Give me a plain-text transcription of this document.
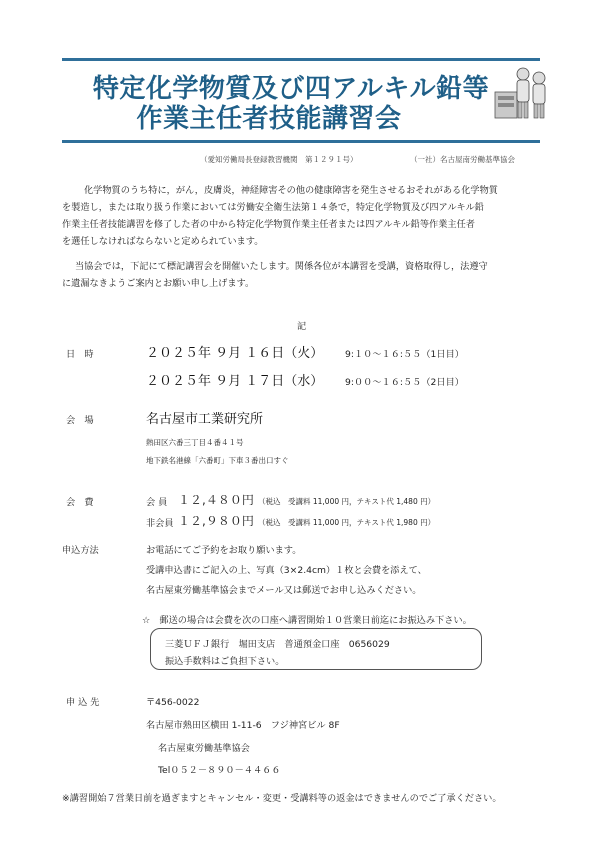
特定化学物質及び四アルキル鉛等
作業主任者技能講習会
（愛知労働局長登録教習機関　第１２９１号）	（一社）名古屋南労働基準協会
化学物質のうち特に，がん，皮膚炎，神経障害その他の健康障害を発生させるおそれがある化学物質
を製造し，または取り扱う作業においては労働安全衛生法第１４条で，特定化学物質及び四アルキル鉛
作業主任者技能講習を修了した者の中から特定化学物質作業主任者または四アルキル鉛等作業主任者
を選任しなければならないと定められています。
当協会では，下記にて標記講習会を開催いたします。関係各位が本講習を受講，資格取得し，法遵守
に遺漏なきようご案内とお願い申し上げます。
記
日　時	２０２５年 ９月 １６日（火） 9:１０～１６:５５（1日目）
２０２５年 ９月 １７日（水） 9:００～１６:５５（2日目）
会　場	名古屋市工業研究所
熱田区六番三丁目４番４１号
地下鉄名港線「六番町」下車３番出口すぐ
会　費	会 員 １２,４８０円 （税込　受講料 11,000 円，テキスト代 1,480 円）
非会員 １２,９８０円 （税込　受講料 11,000 円，テキスト代 1,980 円）
申込方法	お電話にてご予約をお取り願います。
受講申込書にご記入の上、写真（3×2.4cm）１枚と会費を添えて、
名古屋東労働基準協会までメール又は郵送でお申し込みください。
☆　郵送の場合は会費を次の口座へ講習開始１０営業日前迄にお振込み下さい。
三菱ＵＦＪ銀行　堀田支店　普通預金口座　0656029
振込手数料はご負担下さい。
申 込 先	〒456-0022
名古屋市熱田区横田 1-11-6　フジ神宮ビル 8F
名古屋東労働基準協会
Tel０５２－８９０－４４６６
※講習開始７営業日前を過ぎますとキャンセル・変更・受講料等の返金はできませんのでご了承ください。
